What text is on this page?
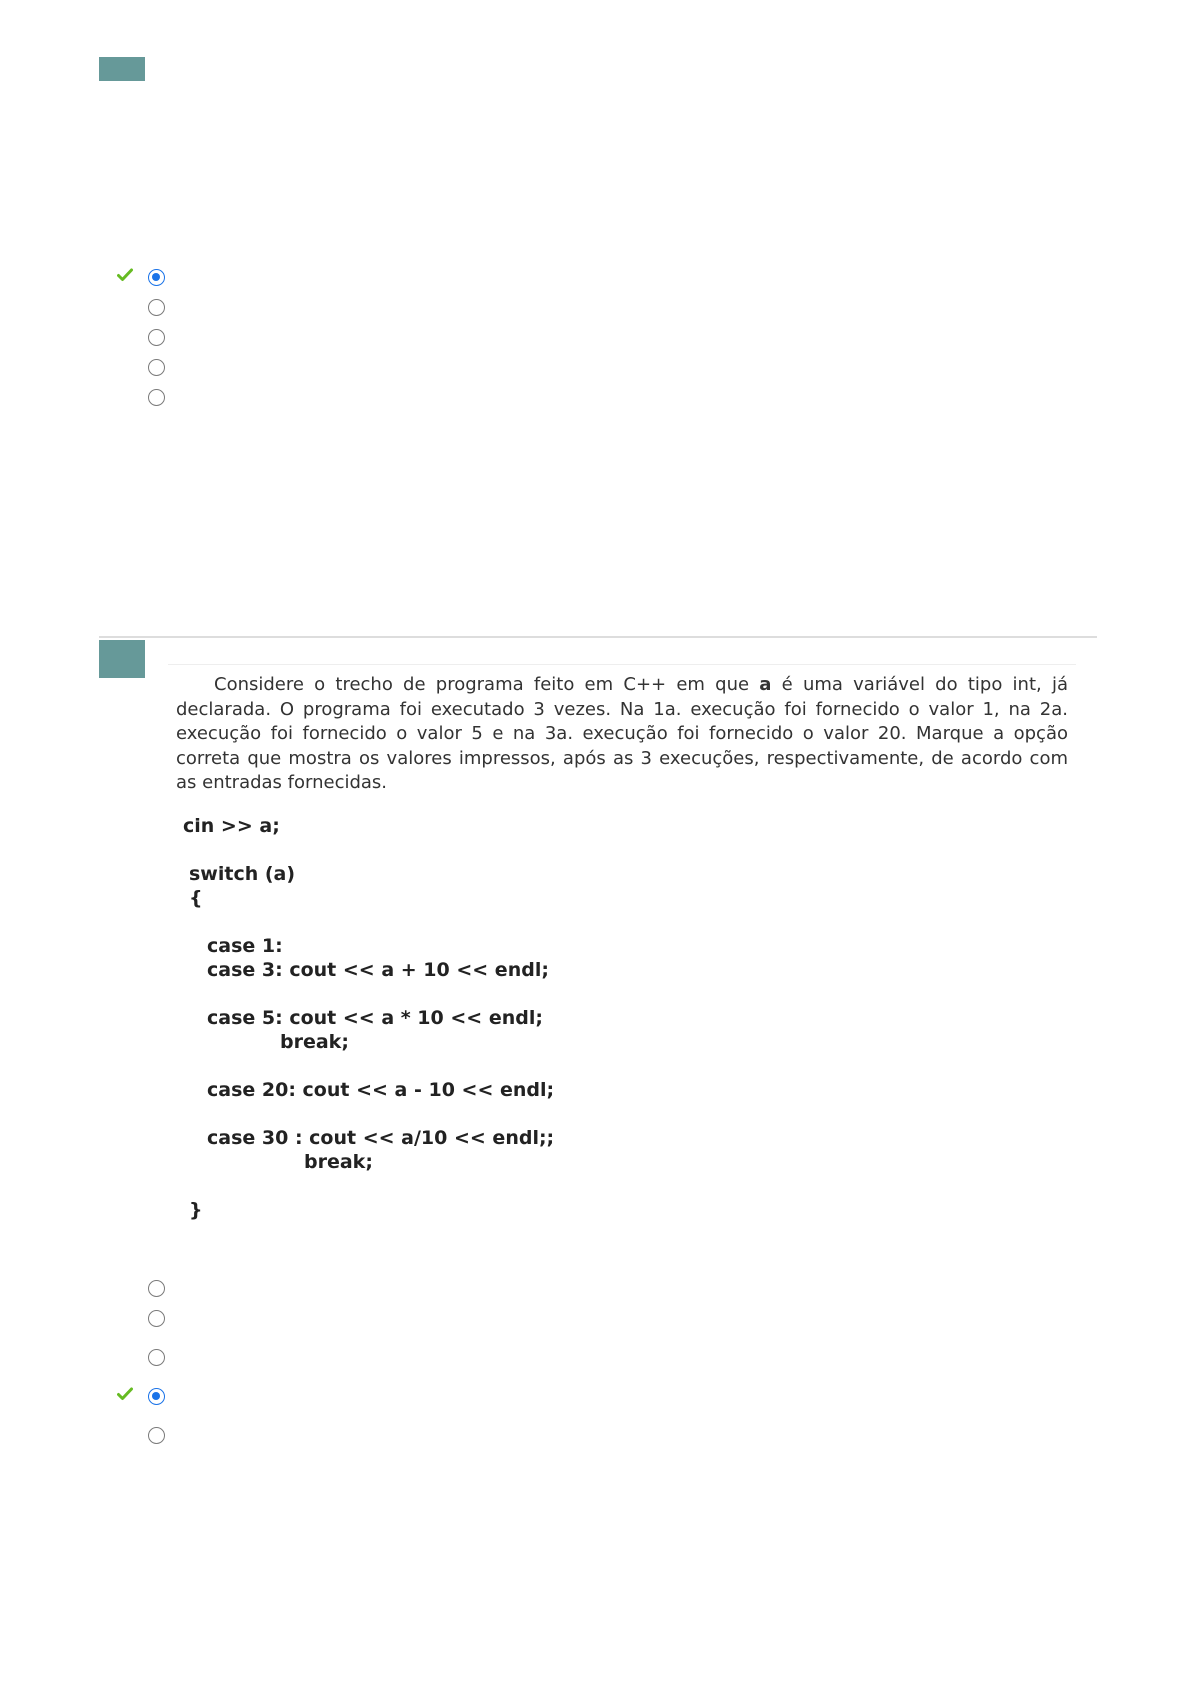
Considere o trecho de programa feito em C++ em que a é uma variável do tipo int, já declarada. O programa foi executado 3 vezes. Na 1a. execução foi fornecido o valor 1, na 2a. execução foi fornecido o valor 5 e na 3a. execução foi fornecido o valor 20. Marque a opção correta que mostra os valores impressos, após as 3 execuções, respectivamente, de acordo com as entradas fornecidas.

cin >> a;

switch (a)

{

case 1:

case 3: cout << a + 10 << endl;

case 5: cout << a * 10 << endl;

break;

case 20: cout << a - 10 << endl;

case 30 : cout << a/10 << endl;;

break;

}
